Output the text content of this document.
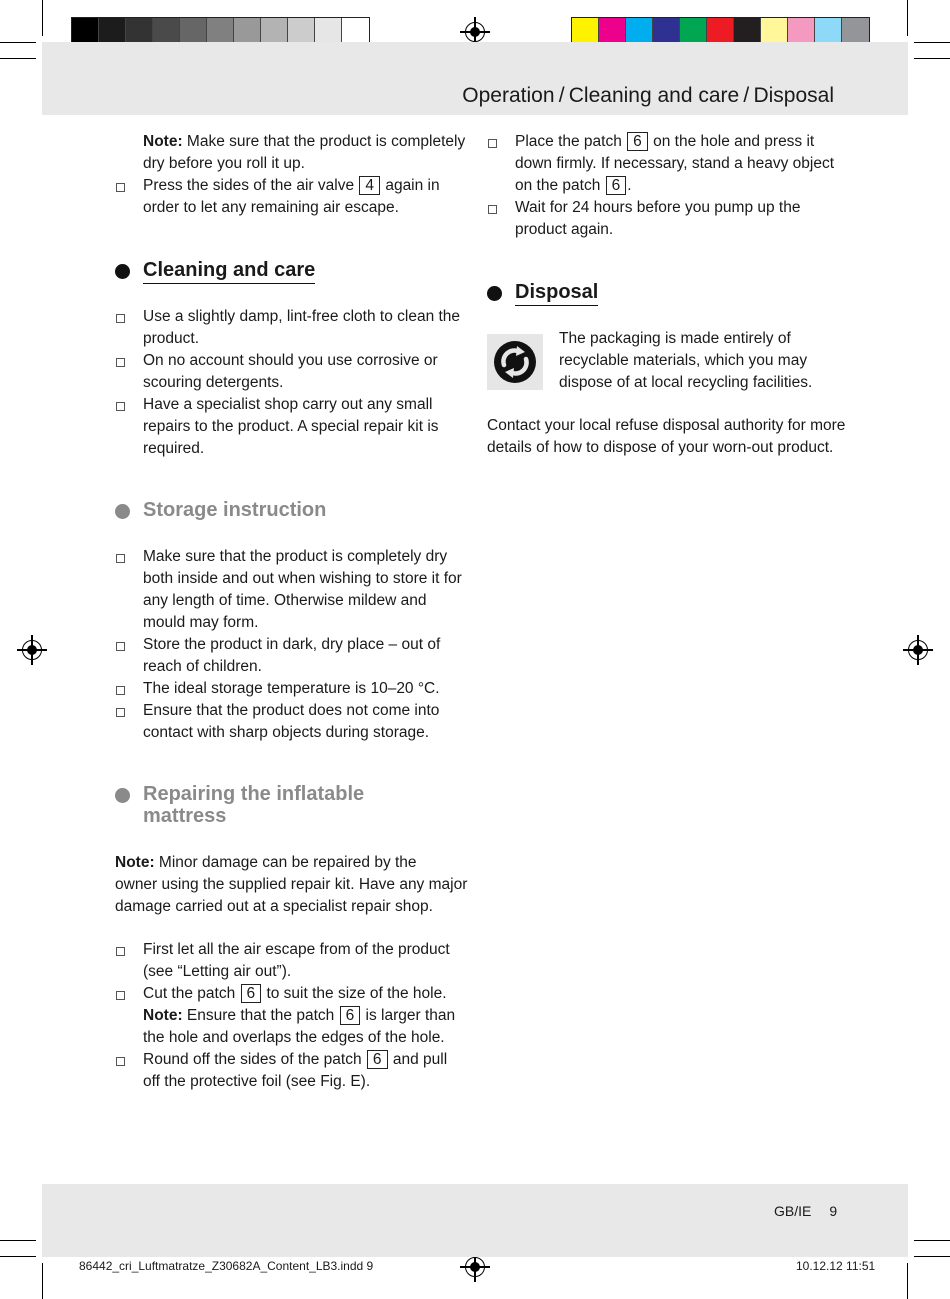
Operation / Cleaning and care / Disposal
Note: Make sure that the product is completely
dry before you roll it up.
Press the sides of the air valve 4 again in
order to let any remaining air escape.
Cleaning and care
Use a slightly damp, lint-free cloth to clean the
product.
On no account should you use corrosive or
scouring detergents.
Have a specialist shop carry out any small
repairs to the product. A special repair kit is
required.
Storage instruction
Make sure that the product is completely dry
both inside and out when wishing to store it for
any length of time. Otherwise mildew and
mould may form.
Store the product in dark, dry place – out of
reach of children.
The ideal storage temperature is 10‒20 °C.
Ensure that the product does not come into
contact with sharp objects during storage.
Repairing the inflatable
mattress
Note: Minor damage can be repaired by the
owner using the supplied repair kit. Have any major
damage carried out at a specialist repair shop.
First let all the air escape from of the product
(see “Letting air out”).
Cut the patch 6 to suit the size of the hole.
Note: Ensure that the patch 6 is larger than
the hole and overlaps the edges of the hole.
Round off the sides of the patch 6 and pull
off the protective foil (see Fig. E).
Place the patch 6 on the hole and press it
down firmly. If necessary, stand a heavy object
on the patch 6 .
Wait for 24 hours before you pump up the
product again.
Disposal
The packaging is made entirely of
recyclable materials, which you may
dispose of at local recycling facilities.
Contact your local refuse disposal authority for more
details of how to dispose of your worn-out product.
GB/IE 9
86442_cri_Luftmatratze_Z30682A_Content_LB3.indd 9	10.12.12 11:51
